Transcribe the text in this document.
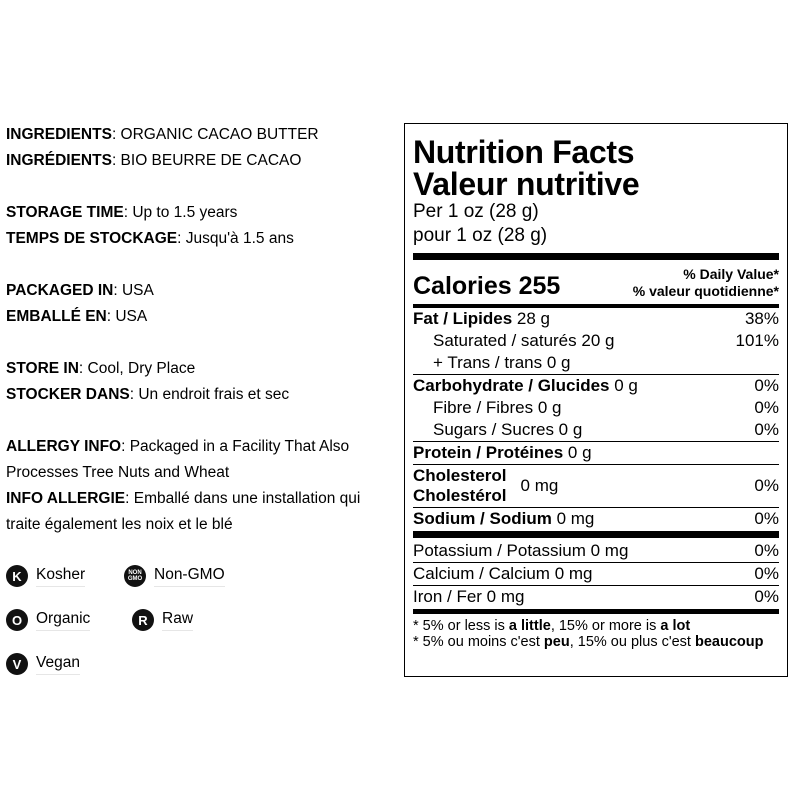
INGREDIENTS: ORGANIC CACAO BUTTER
INGRÉDIENTS: BIO BEURRE DE CACAO
STORAGE TIME: Up to 1.5 years
TEMPS DE STOCKAGE: Jusqu'à 1.5 ans
PACKAGED IN: USA
EMBALLÉ EN: USA
STORE IN: Cool, Dry Place
STOCKER DANS: Un endroit frais et sec
ALLERGY INFO: Packaged in a Facility That Also Processes Tree Nuts and Wheat
INFO ALLERGIE: Emballé dans une installation qui traite également les noix et le blé
K Kosher	NON GMO Non-GMO
O Organic	R Raw
V Vegan
Nutrition Facts
Valeur nutritive
Per 1 oz (28 g)
pour 1 oz (28 g)
Calories 255	% Daily Value*
% valeur quotidienne*
Fat / Lipides 28 g	38%
Saturated / saturés 20 g	101%
+ Trans / trans 0 g
Carbohydrate / Glucides 0 g	0%
Fibre / Fibres 0 g	0%
Sugars / Sucres 0 g	0%
Protein / Protéines 0 g
Cholesterol
Cholestérol
0 mg	0%
Sodium / Sodium 0 mg	0%
Potassium / Potassium 0 mg	0%
Calcium / Calcium 0 mg	0%
Iron / Fer 0 mg	0%
* 5% or less is a little, 15% or more is a lot
* 5% ou moins c'est peu, 15% ou plus c'est beaucoup
